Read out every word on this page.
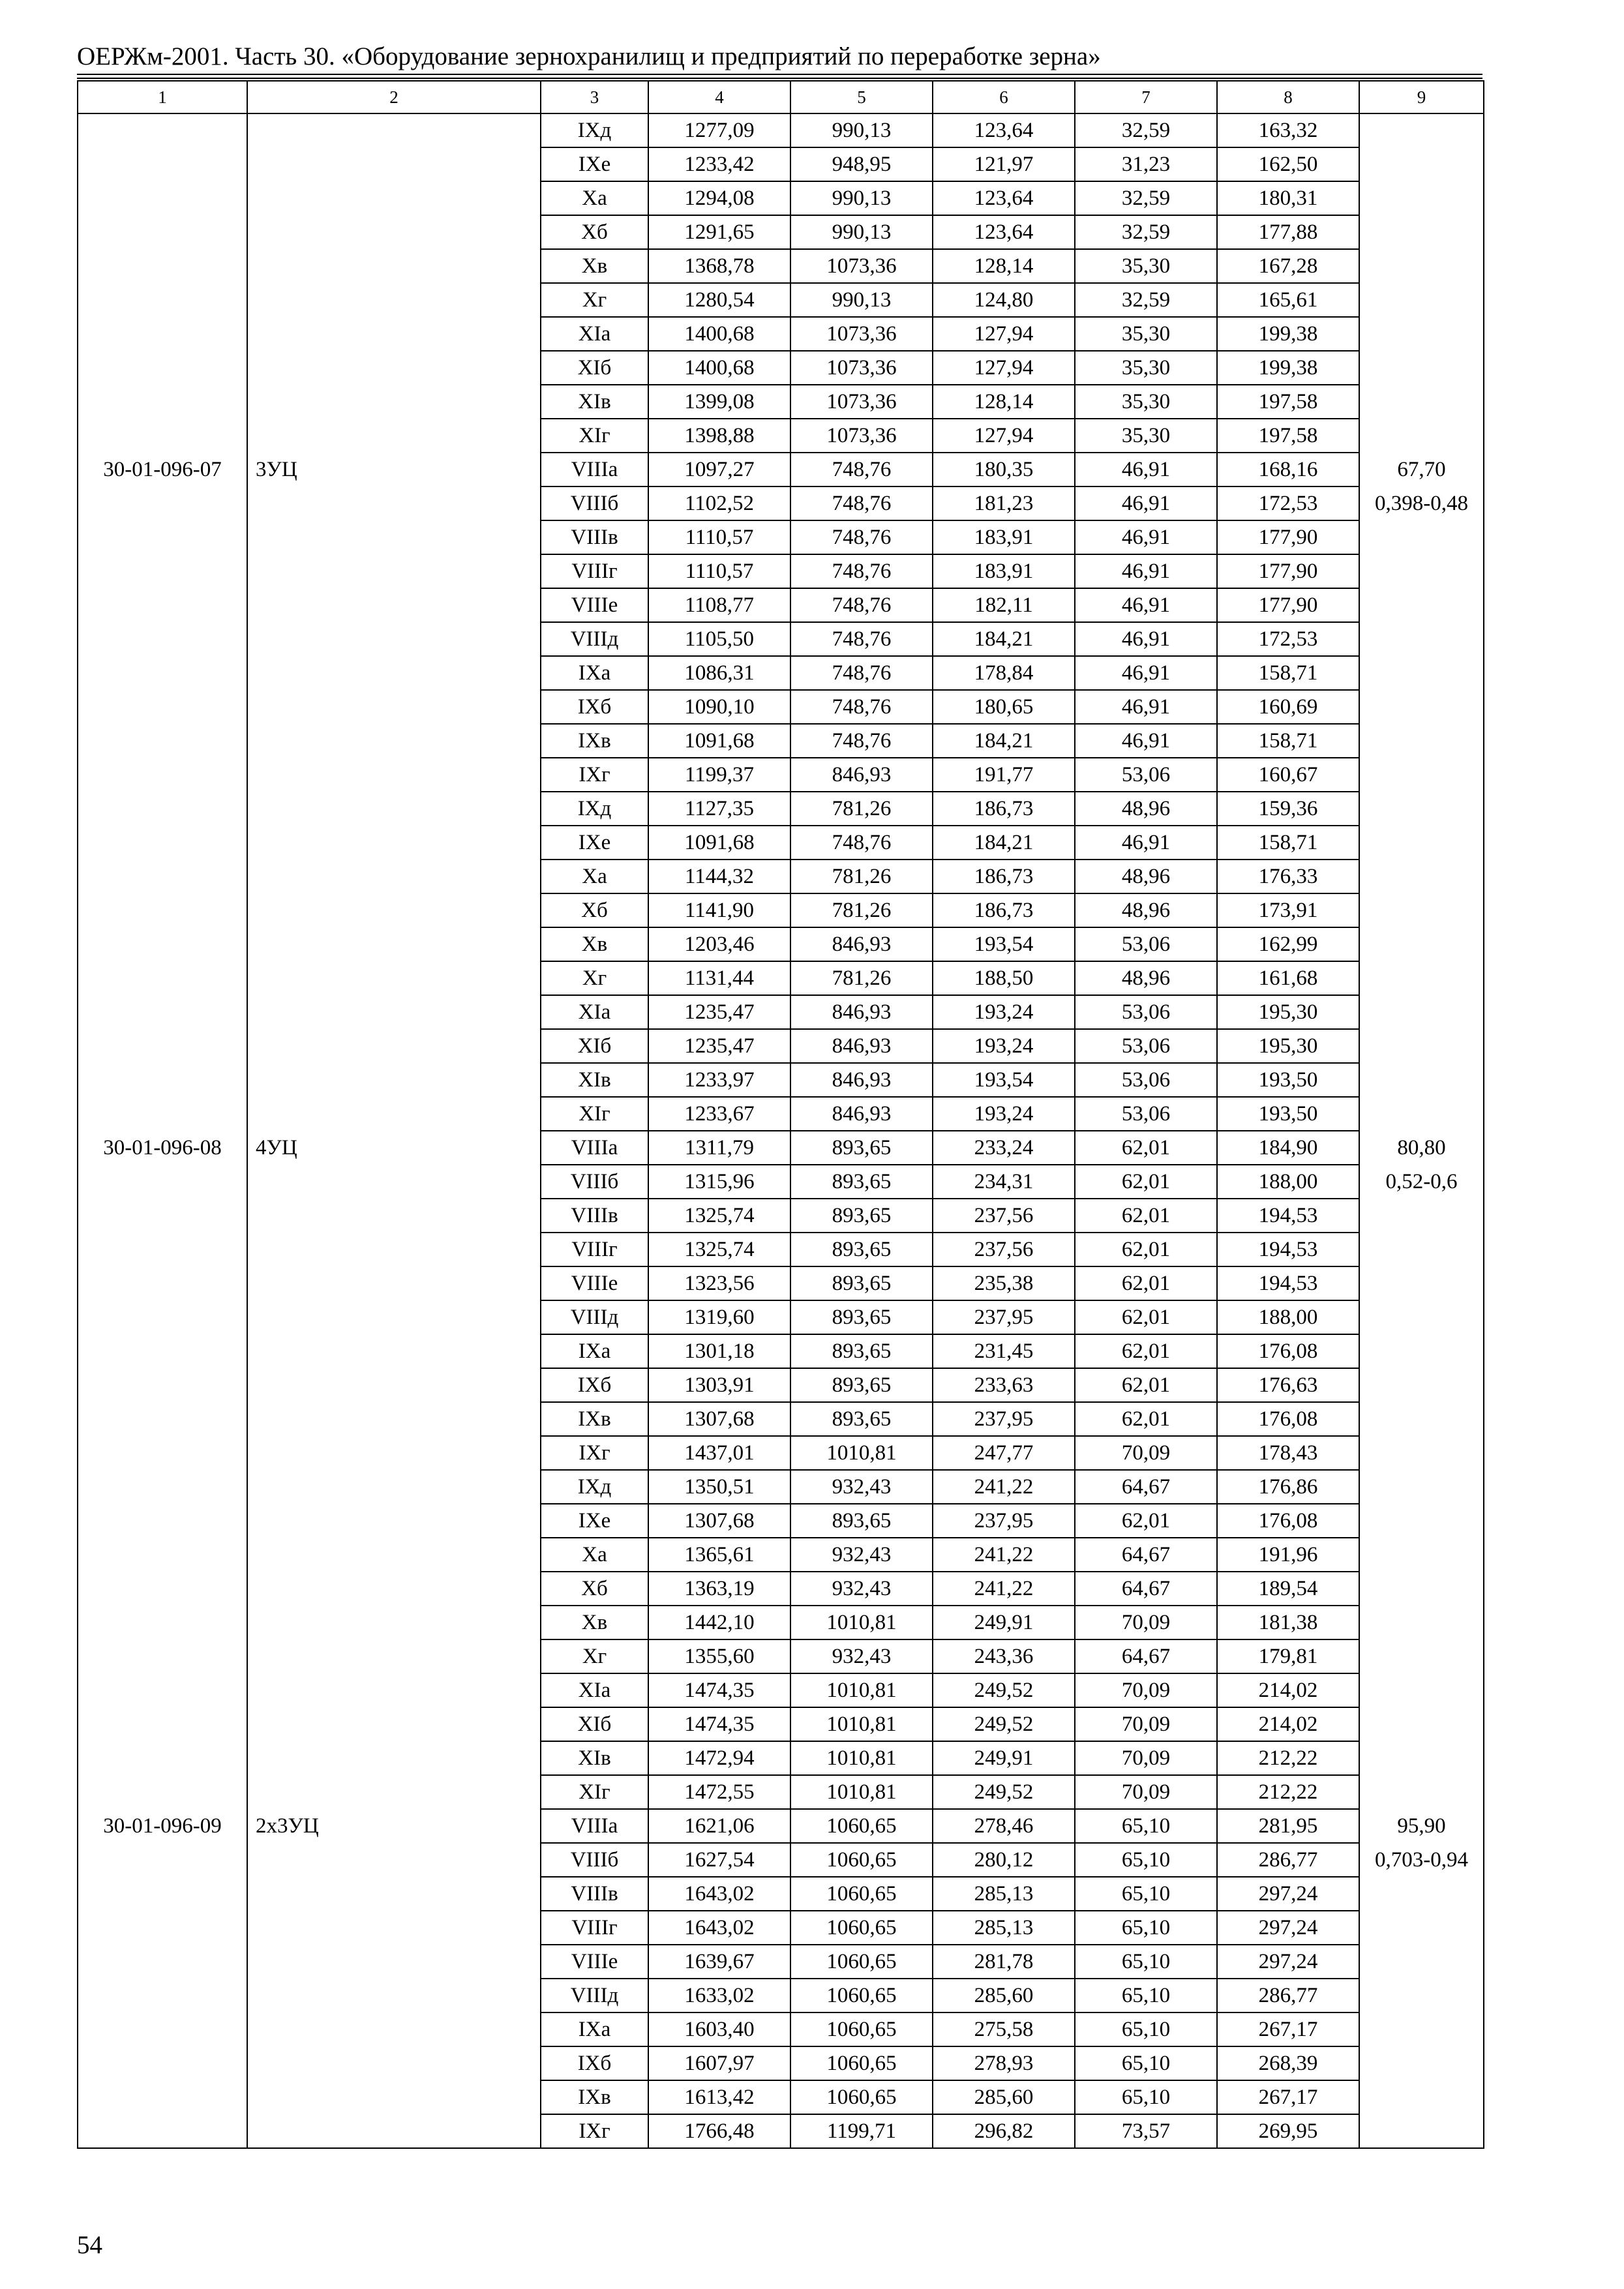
ОЕРЖм-2001. Часть 30. «Оборудование зернохранилищ и предприятий по переработке зерна»
1	2	3	4	5	6	7	8	9
		IXд	1277,09	990,13	123,64	32,59	163,32	
		IXе	1233,42	948,95	121,97	31,23	162,50	
		Xа	1294,08	990,13	123,64	32,59	180,31	
		Xб	1291,65	990,13	123,64	32,59	177,88	
		Xв	1368,78	1073,36	128,14	35,30	167,28	
		Xг	1280,54	990,13	124,80	32,59	165,61	
		XIа	1400,68	1073,36	127,94	35,30	199,38	
		XIб	1400,68	1073,36	127,94	35,30	199,38	
		XIв	1399,08	1073,36	128,14	35,30	197,58	
		XIг	1398,88	1073,36	127,94	35,30	197,58	
30-01-096-07	3УЦ	VIIIа	1097,27	748,76	180,35	46,91	168,16	67,70
		VIIIб	1102,52	748,76	181,23	46,91	172,53	0,398-0,48
		VIIIв	1110,57	748,76	183,91	46,91	177,90	
		VIIIг	1110,57	748,76	183,91	46,91	177,90	
		VIIIе	1108,77	748,76	182,11	46,91	177,90	
		VIIIд	1105,50	748,76	184,21	46,91	172,53	
		IXа	1086,31	748,76	178,84	46,91	158,71	
		IXб	1090,10	748,76	180,65	46,91	160,69	
		IXв	1091,68	748,76	184,21	46,91	158,71	
		IXг	1199,37	846,93	191,77	53,06	160,67	
		IXд	1127,35	781,26	186,73	48,96	159,36	
		IXе	1091,68	748,76	184,21	46,91	158,71	
		Xа	1144,32	781,26	186,73	48,96	176,33	
		Xб	1141,90	781,26	186,73	48,96	173,91	
		Xв	1203,46	846,93	193,54	53,06	162,99	
		Xг	1131,44	781,26	188,50	48,96	161,68	
		XIа	1235,47	846,93	193,24	53,06	195,30	
		XIб	1235,47	846,93	193,24	53,06	195,30	
		XIв	1233,97	846,93	193,54	53,06	193,50	
		XIг	1233,67	846,93	193,24	53,06	193,50	
30-01-096-08	4УЦ	VIIIа	1311,79	893,65	233,24	62,01	184,90	80,80
		VIIIб	1315,96	893,65	234,31	62,01	188,00	0,52-0,6
		VIIIв	1325,74	893,65	237,56	62,01	194,53	
		VIIIг	1325,74	893,65	237,56	62,01	194,53	
		VIIIе	1323,56	893,65	235,38	62,01	194,53	
		VIIIд	1319,60	893,65	237,95	62,01	188,00	
		IXа	1301,18	893,65	231,45	62,01	176,08	
		IXб	1303,91	893,65	233,63	62,01	176,63	
		IXв	1307,68	893,65	237,95	62,01	176,08	
		IXг	1437,01	1010,81	247,77	70,09	178,43	
		IXд	1350,51	932,43	241,22	64,67	176,86	
		IXе	1307,68	893,65	237,95	62,01	176,08	
		Xа	1365,61	932,43	241,22	64,67	191,96	
		Xб	1363,19	932,43	241,22	64,67	189,54	
		Xв	1442,10	1010,81	249,91	70,09	181,38	
		Xг	1355,60	932,43	243,36	64,67	179,81	
		XIа	1474,35	1010,81	249,52	70,09	214,02	
		XIб	1474,35	1010,81	249,52	70,09	214,02	
		XIв	1472,94	1010,81	249,91	70,09	212,22	
		XIг	1472,55	1010,81	249,52	70,09	212,22	
30-01-096-09	2x3УЦ	VIIIа	1621,06	1060,65	278,46	65,10	281,95	95,90
		VIIIб	1627,54	1060,65	280,12	65,10	286,77	0,703-0,94
		VIIIв	1643,02	1060,65	285,13	65,10	297,24	
		VIIIг	1643,02	1060,65	285,13	65,10	297,24	
		VIIIе	1639,67	1060,65	281,78	65,10	297,24	
		VIIIд	1633,02	1060,65	285,60	65,10	286,77	
		IXа	1603,40	1060,65	275,58	65,10	267,17	
		IXб	1607,97	1060,65	278,93	65,10	268,39	
		IXв	1613,42	1060,65	285,60	65,10	267,17	
		IXг	1766,48	1199,71	296,82	73,57	269,95	
54
